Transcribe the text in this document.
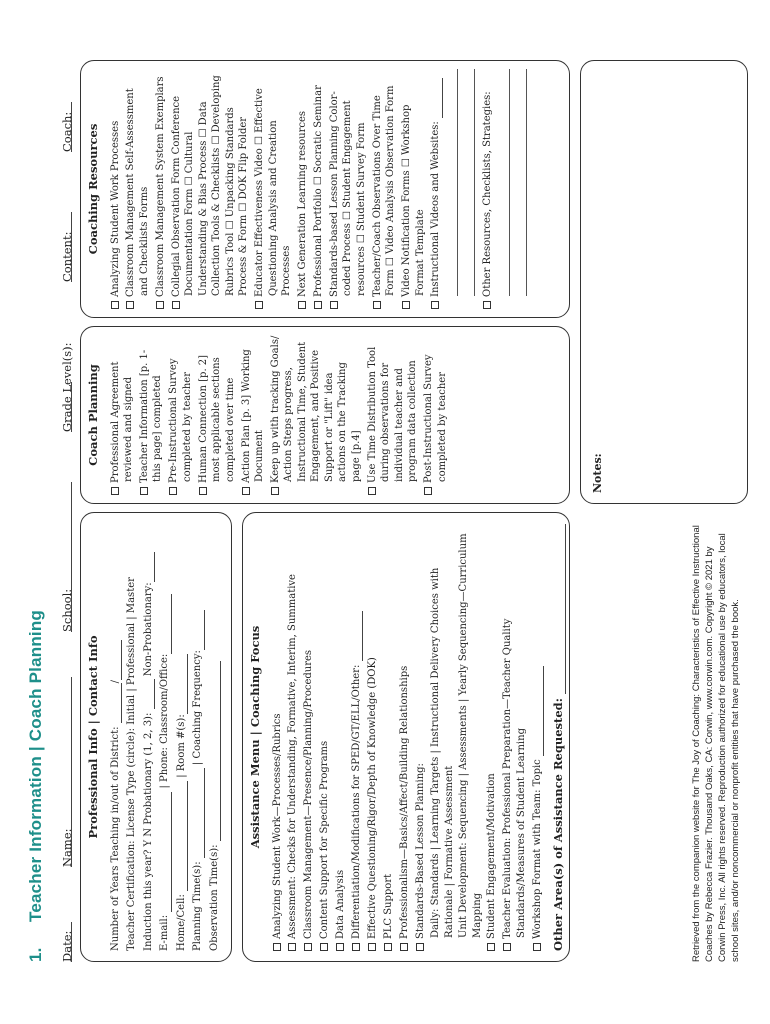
1.Teacher Information | Coach Planning
Date:
Name:
School:
Grade Level(s):
Content:
Coach:
Professional Info | Contact Info Number of Years Teaching in/out of District: / Teacher Certification: License Type (circle): Initial | Professional | Master Induction this year? Y N Probationary (1, 2, 3):  Non-Probationary:
E-mail:  | Phone: Classroom/Office:
Home/Cell:  | Room #(s):
Planning Time(s):  | Coaching Frequency:
Observation Time(s):
Assistance Menu | Coaching Focus Analyzing Student Work—Processes/Rubrics Assessment: Checks for Understanding, Formative, Interim, Summative Classroom Management—Presence/Planning/Procedures Content Support for Specific Programs Data Analysis Differentiation/Modifications for SPED/GT/ELL/Other: Effective Questioning/Rigor/Depth of Knowledge (DOK) PLC Support Professionalism—Basics/Affect/Building Relationships Standards-Based Lesson Planning: Daily: Standards | Learning Targets | Instructional Delivery Choices with Rationale | Formative Assessment Unit Development: Sequencing | Assessments | Yearly Sequencing—Curriculum Mapping Student Engagement/Motivation Teacher Evaluation: Professional Preparation—Teacher Quality Standards/Measures of Student Learning Workshop Format with Team: Topic Other Area(s) of Assistance Requested:
Coach Planning Professional Agreement reviewed and signed Teacher Information [p. 1-this page] completed Pre-Instructional Survey completed by teacher Human Connection [p. 2] most applicable sections completed over time Action Plan [p. 3] Working Document Keep up with tracking Goals/ Action Steps progress, Instructional Time, Student Engagement, and Positive Support or "Lift" idea actions on the Tracking page [p.4] Use Time Distribution Tool during observations for individual teacher and program data collection Post-Instructional Survey completed by teacher
Coaching Resources Analyzing Student Work Processes Classroom Management Self-Assessment and Checklists Forms Classroom Management System Exemplars Collegial Observation Form Conference Documentation Form ☐ Cultural Understanding & Bias Process ☐ Data Collection Tools & Checklists ☐ Developing Rubrics Tool ☐ Unpacking Standards Process & Form ☐ DOK Flip Folder Educator Effectiveness Video ☐ Effective Questioning Analysis and Creation Processes Next Generation Learning resources Professional Portfolio ☐ Socratic Seminar Standards-based Lesson Planning Color-coded Process ☐ Student Engagement resources ☐ Student Survey Form Teacher/Coach Observations Over Time Form ☐ Video Analysis Observation Form Video Notification Forms ☐ Workshop Format Template Instructional Videos and Websites:	Other Resources, Checklists, Strategies:
Notes:
Retrieved from the companion website for The Joy of Coaching: Characteristics of Effective Instructional Coaches by Rebecca Frazier. Thousand Oaks, CA: Corwin, www.corwin.com. Copyright © 2021 by Corwin Press, Inc. All rights reserved. Reproduction authorized for educational use by educators, local school sites, and/or noncommercial or nonprofit entities that have purchased the book.
